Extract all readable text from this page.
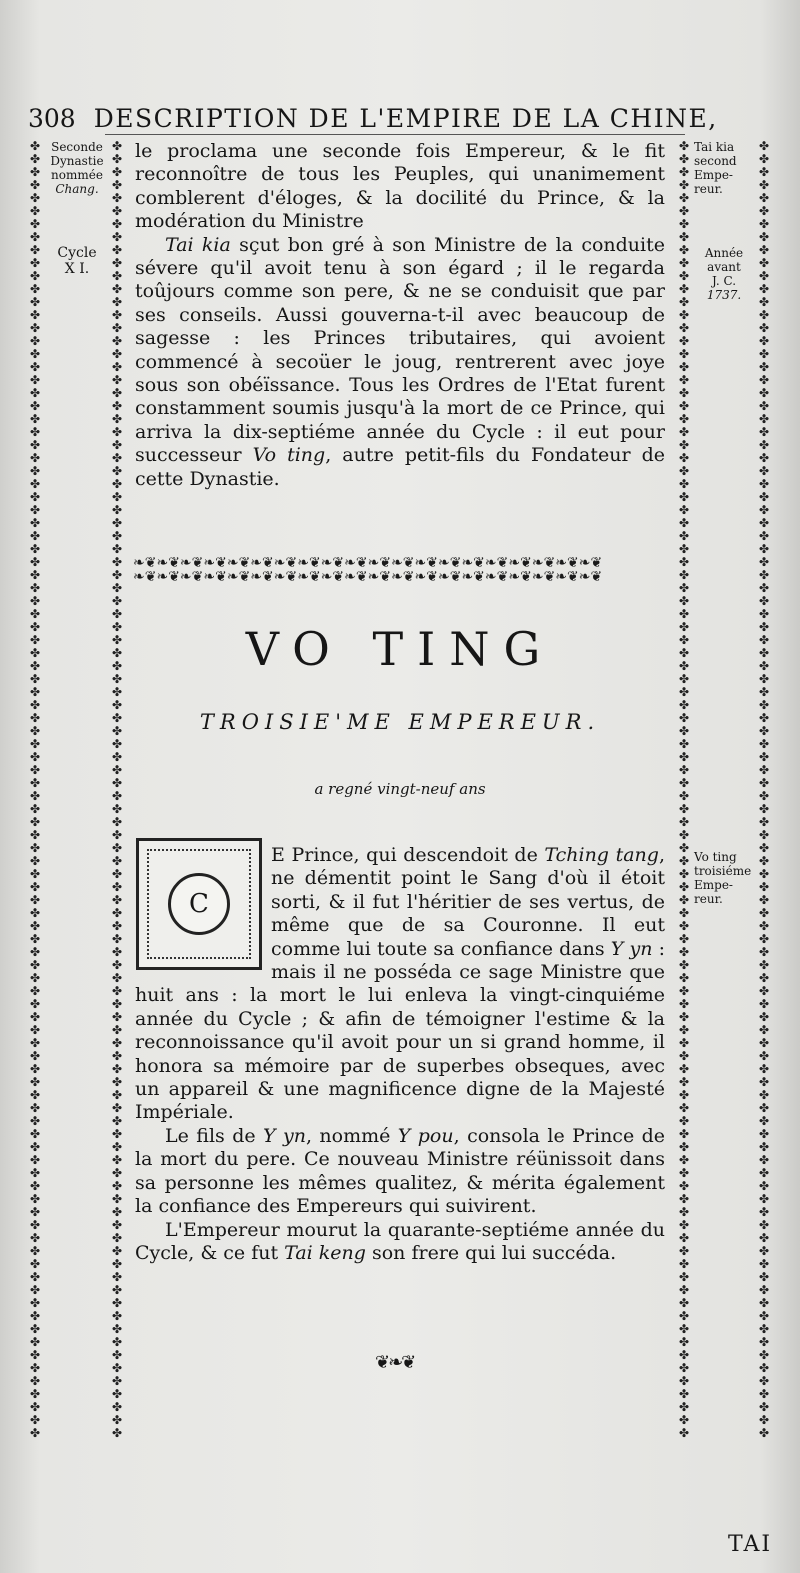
308 DESCRIPTION DE L'EMPIRE DE LA CHINE,
✤✤✤✤✤✤✤✤✤✤✤✤✤✤✤✤✤✤✤✤✤✤✤✤✤✤✤✤✤✤✤✤✤✤✤✤✤✤✤✤✤✤✤✤✤✤✤✤✤✤✤✤✤✤✤✤✤✤✤✤✤✤✤✤✤✤✤✤✤✤✤✤✤✤✤✤✤✤✤✤✤✤✤✤✤✤✤✤✤✤✤✤✤✤✤✤✤✤✤✤
✤✤✤✤✤✤✤✤✤✤✤✤✤✤✤✤✤✤✤✤✤✤✤✤✤✤✤✤✤✤✤✤✤✤✤✤✤✤✤✤✤✤✤✤✤✤✤✤✤✤✤✤✤✤✤✤✤✤✤✤✤✤✤✤✤✤✤✤✤✤✤✤✤✤✤✤✤✤✤✤✤✤✤✤✤✤✤✤✤✤✤✤✤✤✤✤✤✤✤✤
✤✤✤✤✤✤✤✤✤✤✤✤✤✤✤✤✤✤✤✤✤✤✤✤✤✤✤✤✤✤✤✤✤✤✤✤✤✤✤✤✤✤✤✤✤✤✤✤✤✤✤✤✤✤✤✤✤✤✤✤✤✤✤✤✤✤✤✤✤✤✤✤✤✤✤✤✤✤✤✤✤✤✤✤✤✤✤✤✤✤✤✤✤✤✤✤✤✤✤✤
✤✤✤✤✤✤✤✤✤✤✤✤✤✤✤✤✤✤✤✤✤✤✤✤✤✤✤✤✤✤✤✤✤✤✤✤✤✤✤✤✤✤✤✤✤✤✤✤✤✤✤✤✤✤✤✤✤✤✤✤✤✤✤✤✤✤✤✤✤✤✤✤✤✤✤✤✤✤✤✤✤✤✤✤✤✤✤✤✤✤✤✤✤✤✤✤✤✤✤✤
Seconde
Dynastie
nommée
Chang.
Cycle
X I.
Tai kia
second
Empe-
reur.
Année
avant
J. C.
1737.
Vo ting
troisiéme
Empe-
reur.

le proclama une seconde fois Empereur, & le fit reconnoître de tous les Peuples, qui unanimement comblerent d'éloges, & la docilité du Prince, & la modération du Ministre

Tai kia sçut bon gré à son Ministre de la conduite sévere qu'il avoit tenu à son égard ; il le regarda toûjours comme son pere, & ne se conduisit que par ses conseils. Aussi gouverna-t-il avec beaucoup de sagesse : les Princes tributaires, qui avoient commencé à secoüer le joug, rentrerent avec joye sous son obéïssance. Tous les Ordres de l'Etat furent constamment soumis jusqu'à la mort de ce Prince, qui arriva la dix-septiéme année du Cycle : il eut pour successeur Vo ting, autre petit-fils du Fondateur de cette Dynastie.

❧❦❧❦❧❦❧❦❧❦❧❦❧❦❧❦❧❦❧❦❧❦❧❦❧❦❧❦❧❦❧❦❧❦❧❦❧❦❧❦
❧❦❧❦❧❦❧❦❧❦❧❦❧❦❧❦❧❦❧❦❧❦❧❦❧❦❧❦❧❦❧❦❧❦❧❦❧❦❧❦
VO TING
TROISIE'ME EMPEREUR.
a regné vingt-neuf ans
C

E Prince, qui descendoit de Tching tang, ne démentit point le Sang d'où il étoit sorti, & il fut l'héritier de ses vertus, de même que de sa Couronne. Il eut comme lui toute sa confiance dans Y yn : mais il ne posséda ce sage Ministre que huit ans : la mort le lui enleva la vingt-cinquiéme année du Cycle ; & afin de témoigner l'estime & la reconnoissance qu'il avoit pour un si grand homme, il honora sa mémoire par de superbes obseques, avec un appareil & une magnificence digne de la Majesté Impériale.

Le fils de Y yn, nommé Y pou, consola le Prince de la mort du pere. Ce nouveau Ministre réünissoit dans sa personne les mêmes qualitez, & mérita également la confiance des Empereurs qui suivirent.

L'Empereur mourut la quarante-septiéme année du Cycle, & ce fut Tai keng son frere qui lui succéda.

❦❧❦
TAI
